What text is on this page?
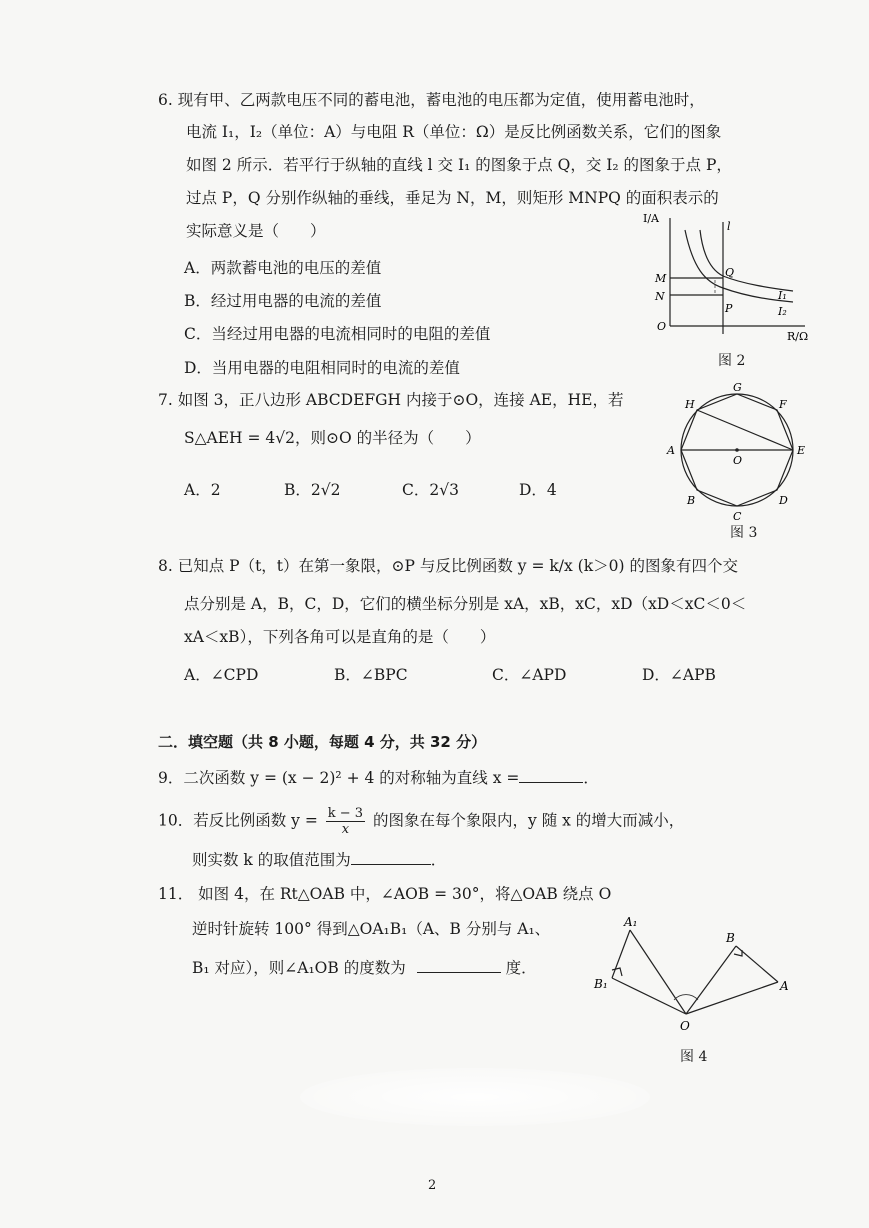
6. 现有甲、乙两款电压不同的蓄电池，蓄电池的电压都为定值，使用蓄电池时，
电流 I₁，I₂（单位：A）与电阻 R（单位：Ω）是反比例函数关系，它们的图象
如图 2 所示．若平行于纵轴的直线 l 交 I₁ 的图象于点 Q，交 I₂ 的图象于点 P，
过点 P，Q 分别作纵轴的垂线，垂足为 N，M，则矩形 MNPQ 的面积表示的
实际意义是（　　）
A．两款蓄电池的电压的差值
B．经过用电器的电流的差值
C．当经过用电器的电流相同时的电阻的差值
D．当用电器的电阻相同时的电流的差值
I/A
R/Ω
l
M
N
O
Q
P
I₁
I₂
图 2
7. 如图 3，正八边形 ABCDEFGH 内接于⊙O，连接 AE，HE，若
S△AEH = 4√2，则⊙O 的半径为（　　）
A．2	B．2√2	C．2√3	D．4
A
B
C
D
E
F
G
H
O
图 3
8. 已知点 P（t，t）在第一象限，⊙P 与反比例函数 y = k/x (k＞0) 的图象有四个交
点分别是 A，B，C，D，它们的横坐标分别是 xA，xB，xC，xD（xD＜xC＜0＜
xA＜xB），下列各角可以是直角的是（　　）
A．∠CPD	B．∠BPC	C．∠APD	D．∠APB
二．填空题（共 8 小题，每题 4 分，共 32 分）
9．二次函数 y = (x − 2)² + 4 的对称轴为直线 x =	．
10．若反比例函数 $y = \frac{k - 3}{x}$ 的图象在每个象限内，y 随 x 的增大而减小，
则实数 k 的取值范围为	．
11． 如图 4，在 Rt△OAB 中，∠AOB = 30°，将△OAB 绕点 O
逆时针旋转 100° 得到△OA₁B₁（A、B 分别与 A₁、
B₁ 对应），则∠A₁OB 的度数为	度．
A₁
B₁
B
A
O
图 4
2
